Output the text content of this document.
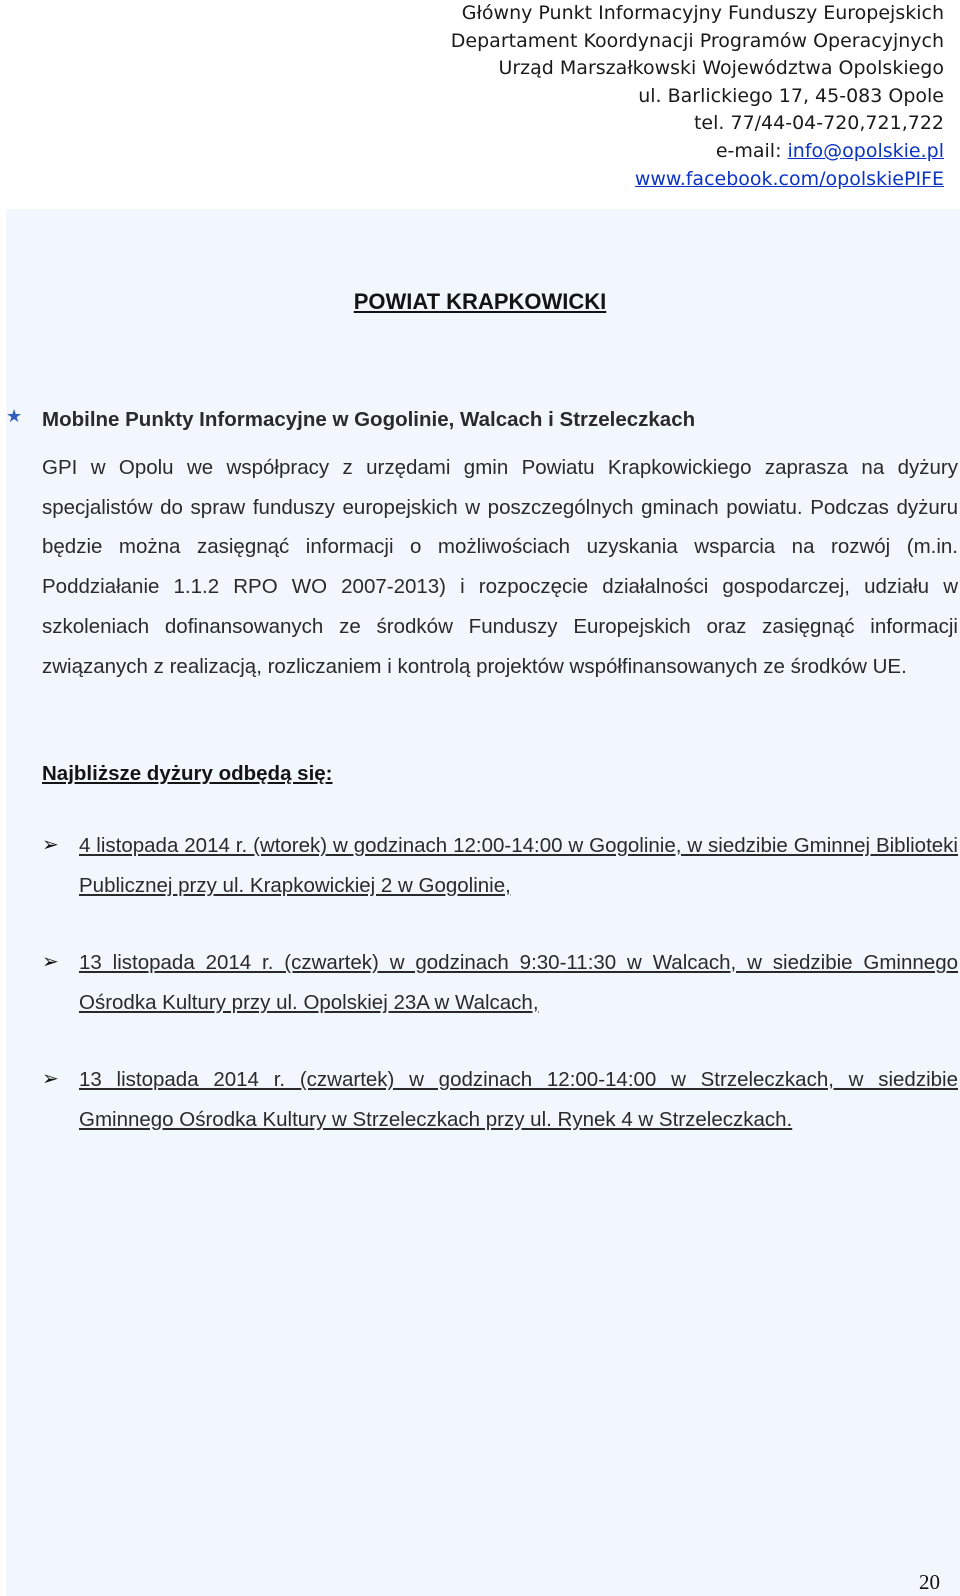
Główny Punkt Informacyjny Funduszy Europejskich
Departament Koordynacji Programów Operacyjnych
Urząd Marszałkowski Województwa Opolskiego
ul. Barlickiego 17, 45-083 Opole
tel. 77/44-04-720,721,722
e-mail: info@opolskie.pl
www.facebook.com/opolskiePIFE
POWIAT KRAPKOWICKI
★ Mobilne Punkty Informacyjne w Gogolinie, Walcach i Strzeleczkach
GPI w Opolu we współpracy z urzędami gmin Powiatu Krapkowickiego zaprasza na dyżury specjalistów do spraw funduszy europejskich w poszczególnych gminach powiatu. Podczas dyżuru będzie można zasięgnąć informacji o możliwościach uzyskania wsparcia na rozwój (m.in. Poddziałanie 1.1.2 RPO WO 2007-2013) i rozpoczęcie działalności gospodarczej, udziału w szkoleniach dofinansowanych ze środków Funduszy Europejskich oraz zasięgnąć informacji związanych z realizacją, rozliczaniem i kontrolą projektów współfinansowanych ze środków UE.
Najbliższe dyżury odbędą się:
➢ 4 listopada 2014 r. (wtorek) w godzinach 12:00-14:00 w Gogolinie, w siedzibie Gminnej Biblioteki Publicznej przy ul. Krapkowickiej 2 w Gogolinie,
➢ 13 listopada 2014 r. (czwartek) w godzinach 9:30-11:30 w Walcach, w siedzibie Gminnego Ośrodka Kultury przy ul. Opolskiej 23A w Walcach,
➢ 13 listopada 2014 r. (czwartek) w godzinach 12:00-14:00 w Strzeleczkach, w siedzibie Gminnego Ośrodka Kultury w Strzeleczkach przy ul. Rynek 4 w Strzeleczkach.
20
